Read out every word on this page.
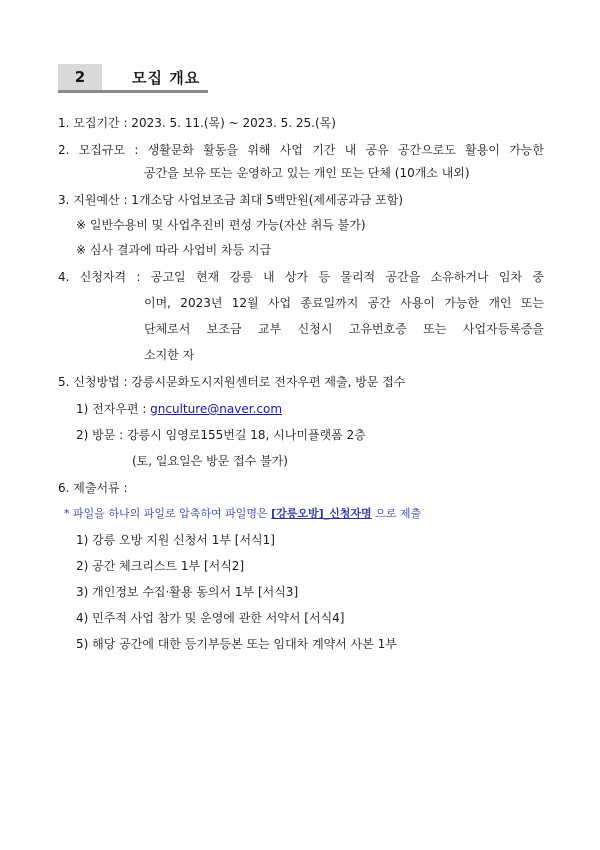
2	모집 개요
1. 모집기간 : 2023. 5. 11.(목) ~ 2023. 5. 25.(목)
2. 모집규모 : 생활문화 활동을 위해 사업 기간 내 공유 공간으로도 활용이 가능한
공간을 보유 또는 운영하고 있는 개인 또는 단체 (10개소 내외)
3. 지원예산 : 1개소당 사업보조금 최대 5백만원(제세공과금 포함)
※ 일반수용비 및 사업추진비 편성 가능(자산 취득 불가)
※ 심사 결과에 따라 사업비 차등 지급
4. 신청자격 : 공고일 현재 강릉 내 상가 등 물리적 공간을 소유하거나 임차 중
이며, 2023년 12월 사업 종료일까지 공간 사용이 가능한 개인 또는
단체로서 보조금 교부 신청시 고유번호증 또는 사업자등록증을
소지한 자
5. 신청방법 : 강릉시문화도시지원센터로 전자우편 제출, 방문 접수
1) 전자우편 : gnculture@naver.com
2) 방문 : 강릉시 임영로155번길 18, 시나미플랫폼 2층
(토, 일요일은 방문 접수 불가)
6. 제출서류 :
* 파일을 하나의 파일로 압축하여 파일명은 [강릉오방]_신청자명 으로 제출
1) 강릉 오방 지원 신청서 1부 [서식1]
2) 공간 체크리스트 1부 [서식2]
3) 개인정보 수집·활용 동의서 1부 [서식3]
4) 민주적 사업 참가 및 운영에 관한 서약서 [서식4]
5) 해당 공간에 대한 등기부등본 또는 임대차 계약서 사본 1부
